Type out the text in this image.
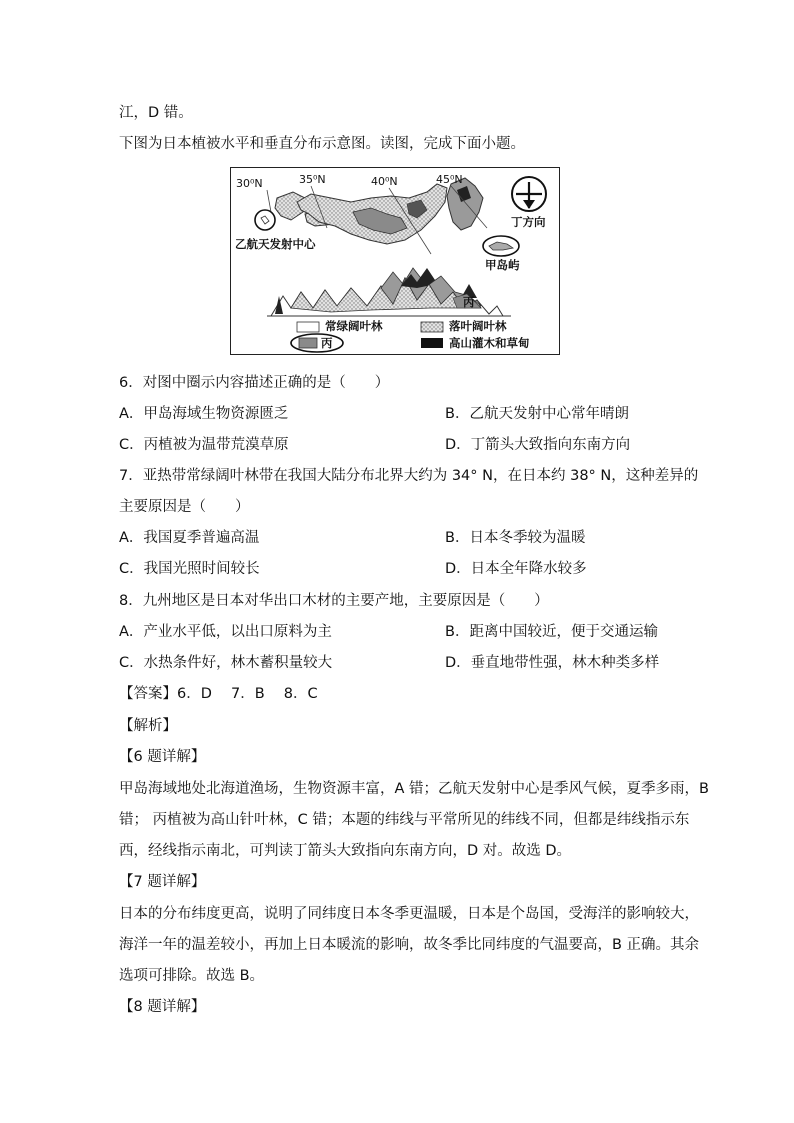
江，D 错。
下图为日本植被水平和垂直分布示意图。读图，完成下面小题。
30⁰N	35⁰N	40⁰N	45⁰N
乙航天发射中心
甲岛屿
丁方向
丙
常绿阔叶林	落叶阔叶林
丙	高山灌木和草甸
6．对图中圈示内容描述正确的是（　　）
A．甲岛海域生物资源匮乏	B．乙航天发射中心常年晴朗
C．丙植被为温带荒漠草原	D．丁箭头大致指向东南方向
7．亚热带常绿阔叶林带在我国大陆分布北界大约为 34° N，在日本约 38° N，这种差异的
主要原因是（　　）
A．我国夏季普遍高温	B．日本冬季较为温暖
C．我国光照时间较长	D．日本全年降水较多
8．九州地区是日本对华出口木材的主要产地，主要原因是（　　）
A．产业水平低，以出口原料为主	B．距离中国较近，便于交通运输
C．水热条件好，林木蓄积量较大	D．垂直地带性强，林木种类多样
【答案】6．D　 7．B　 8．C
【解析】
【6 题详解】
甲岛海域地处北海道渔场，生物资源丰富，A 错；乙航天发射中心是季风气候，夏季多雨，B
错； 丙植被为高山针叶林，C 错；本题的纬线与平常所见的纬线不同，但都是纬线指示东
西，经线指示南北，可判读丁箭头大致指向东南方向，D 对。故选 D。
【7 题详解】
日本的分布纬度更高，说明了同纬度日本冬季更温暖，日本是个岛国，受海洋的影响较大，
海洋一年的温差较小，再加上日本暖流的影响，故冬季比同纬度的气温要高，B 正确。其余
选项可排除。故选 B。
【8 题详解】
